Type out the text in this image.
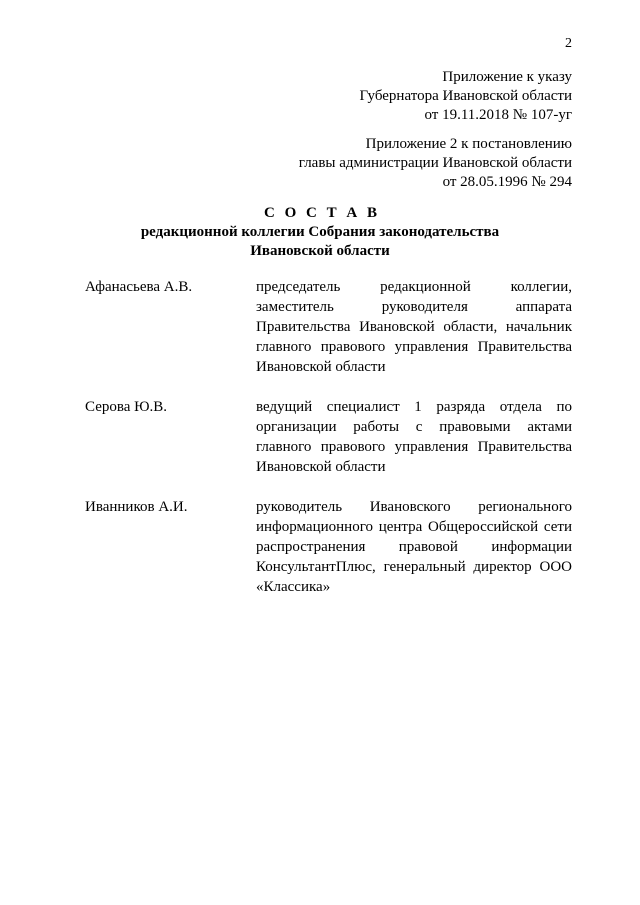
2
Приложение к указу
Губернатора Ивановской области
от 19.11.2018 № 107-уг
Приложение 2 к постановлению
главы администрации Ивановской области
от 28.05.1996 № 294
С О С Т А В
редакционной коллегии Собрания законодательства
Ивановской области
Афанасьева А.В.	председатель редакционной коллегии, заместитель руководителя аппарата Правительства Ивановской области, начальник главного правового управления Правительства Ивановской области
Серова Ю.В.	ведущий специалист 1 разряда отдела по организации работы с правовыми актами главного правового управления Правительства Ивановской области
Иванников А.И.	руководитель Ивановского регионального информационного центра Общероссийской сети распространения правовой информации КонсультантПлюс, генеральный директор ООО «Классика»
